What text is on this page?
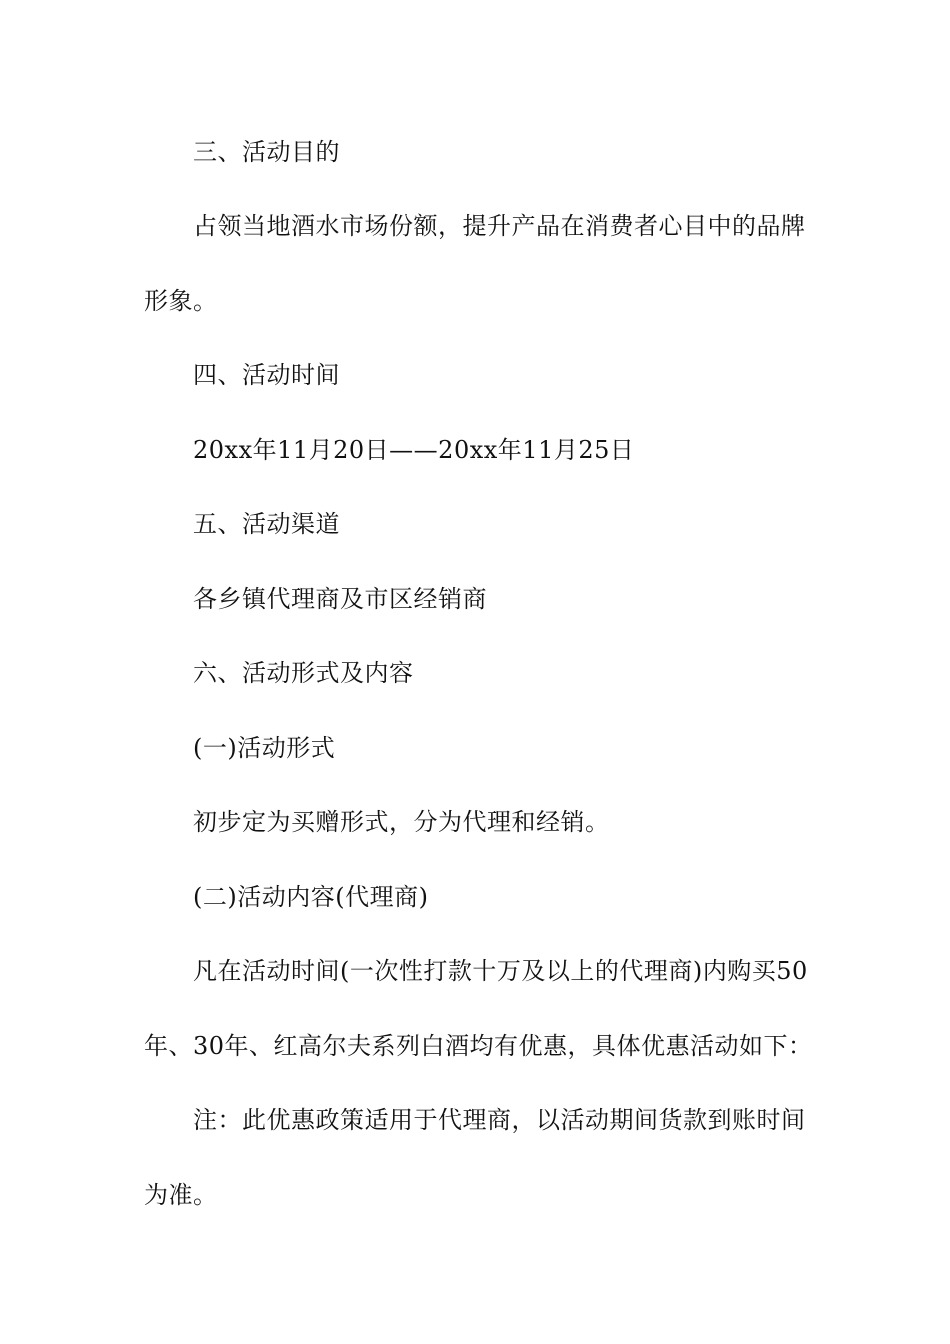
三、活动目的
占领当地酒水市场份额，提升产品在消费者心目中的品牌
形象。
四、活动时间
20xx年11月20日——20xx年11月25日
五、活动渠道
各乡镇代理商及市区经销商
六、活动形式及内容
(一)活动形式
初步定为买赠形式，分为代理和经销。
(二)活动内容(代理商)
凡在活动时间(一次性打款十万及以上的代理商)内购买50
年、30年、红高尔夫系列白酒均有优惠，具体优惠活动如下：
注：此优惠政策适用于代理商，以活动期间货款到账时间
为准。
